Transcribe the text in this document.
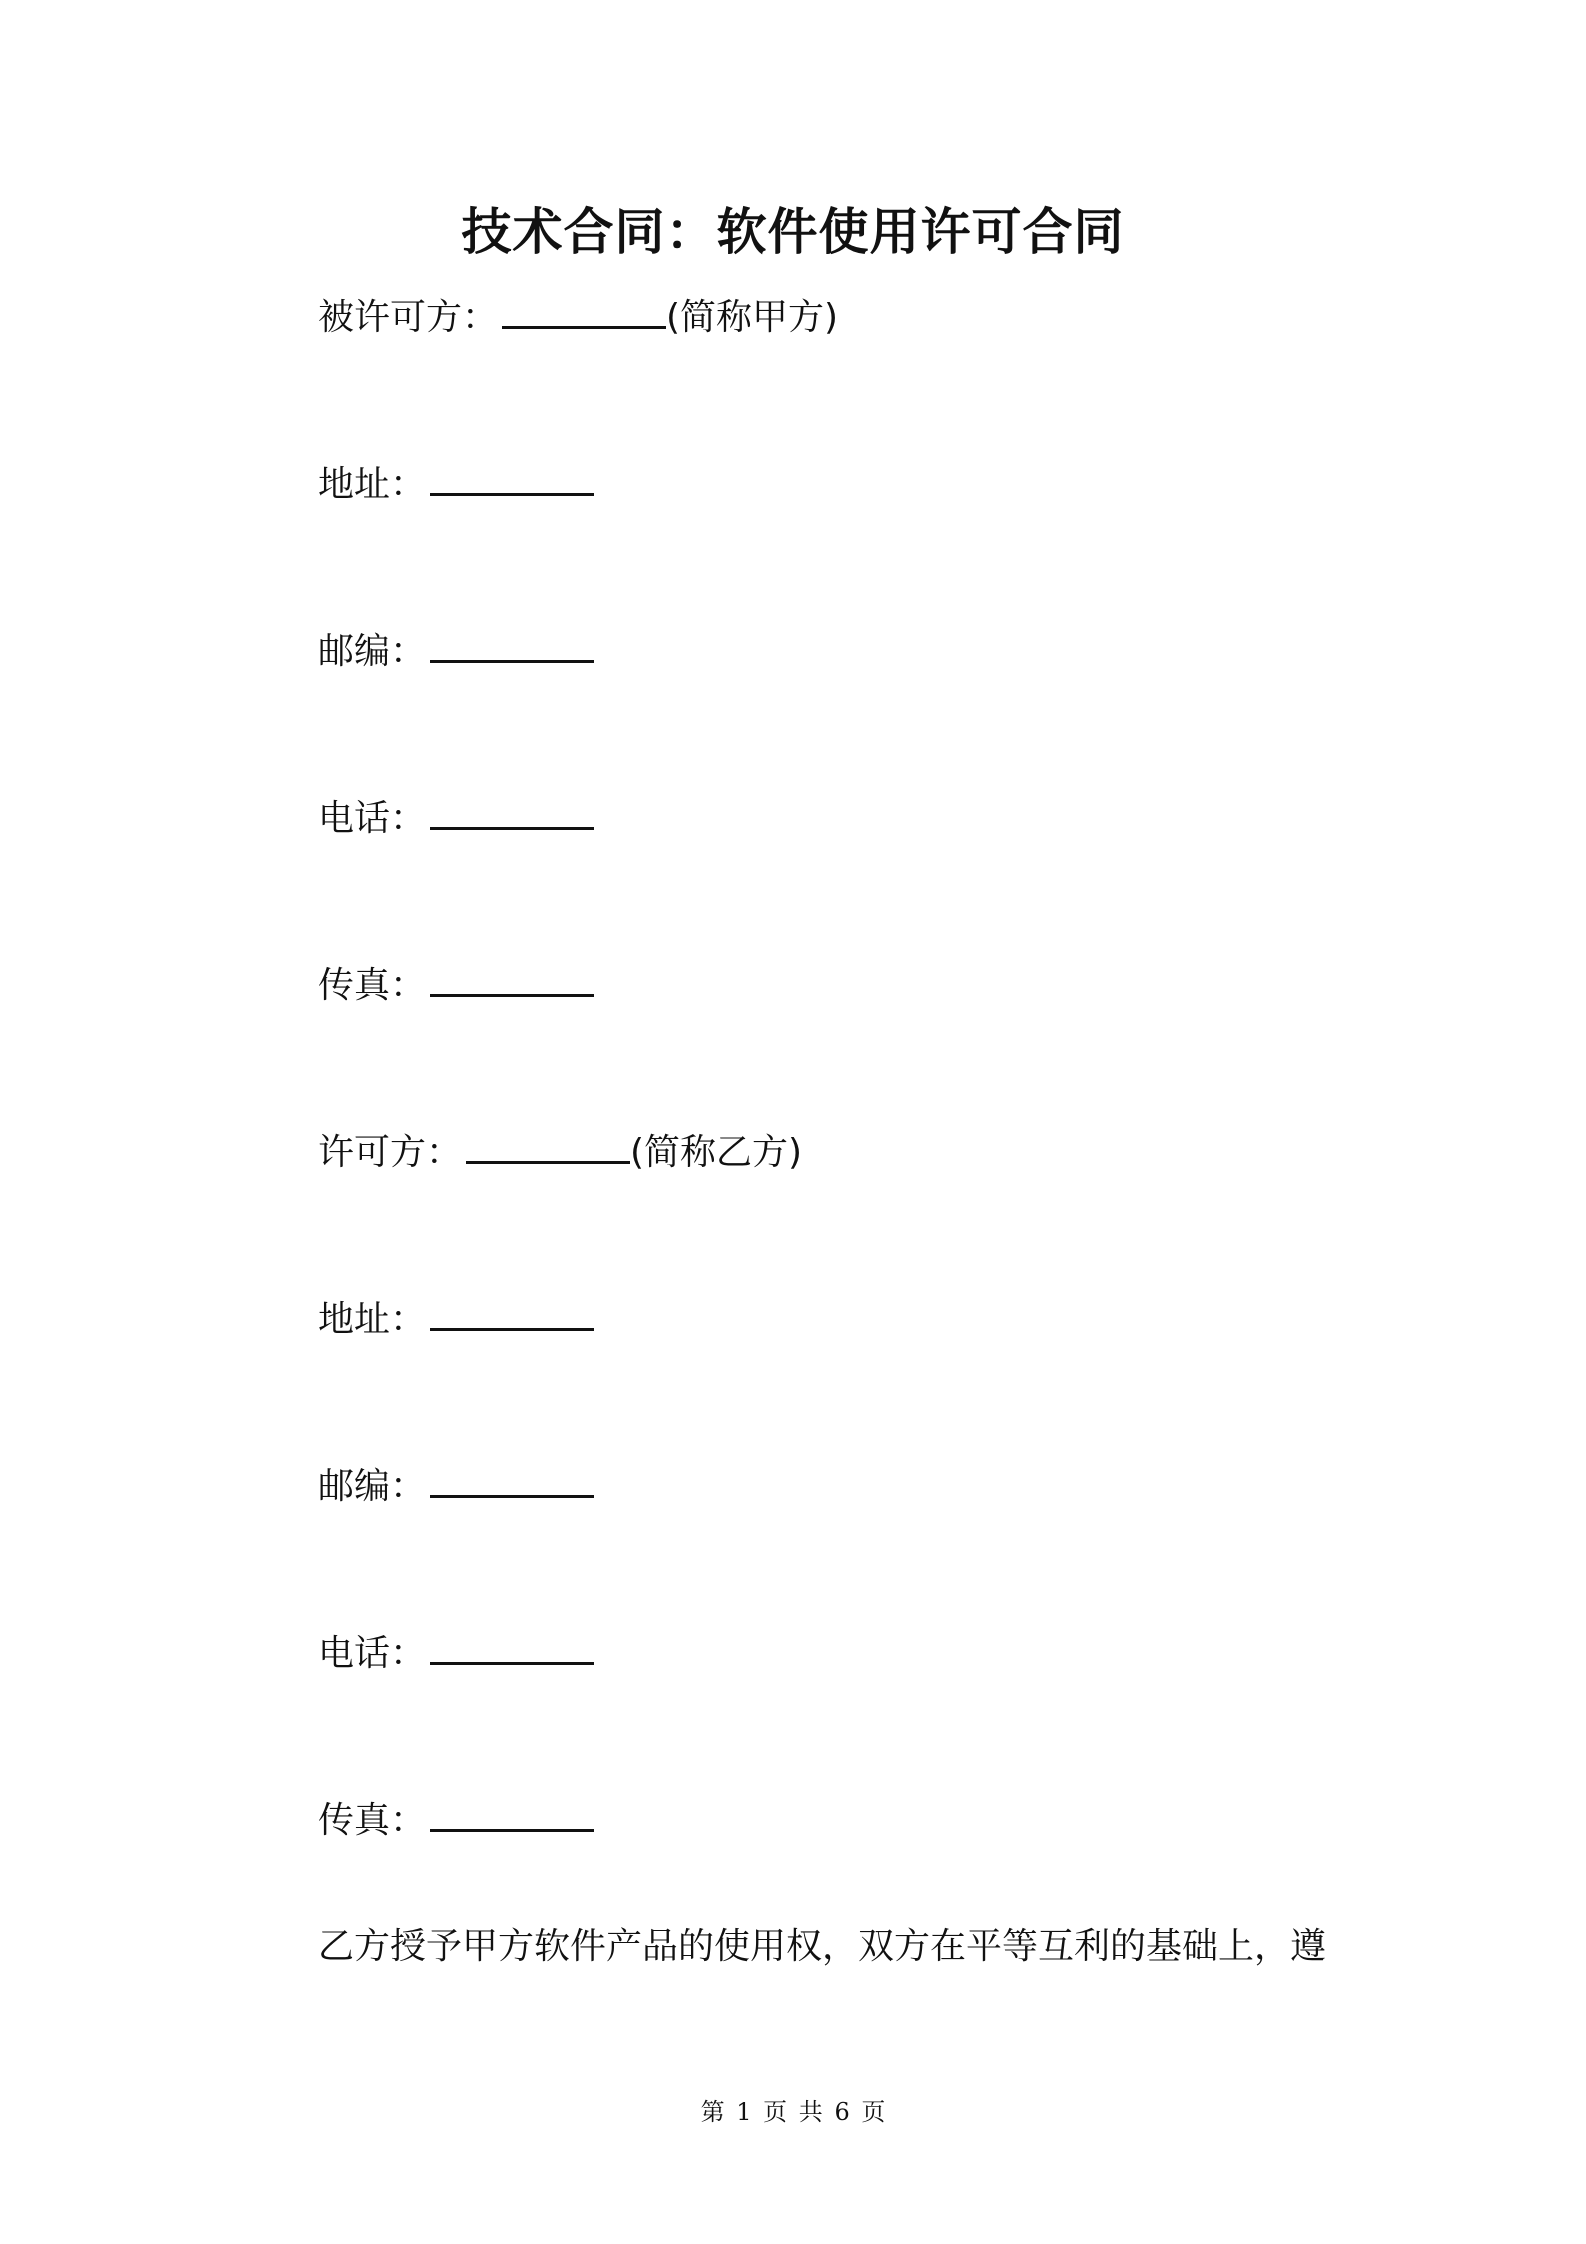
技术合同：软件使用许可合同
被许可方：	(简称甲方)
地址：
邮编：
电话：
传真：
许可方：	(简称乙方)
地址：
邮编：
电话：
传真：
乙方授予甲方软件产品的使用权，双方在平等互利的基础上，遵
第 1 页 共 6 页
